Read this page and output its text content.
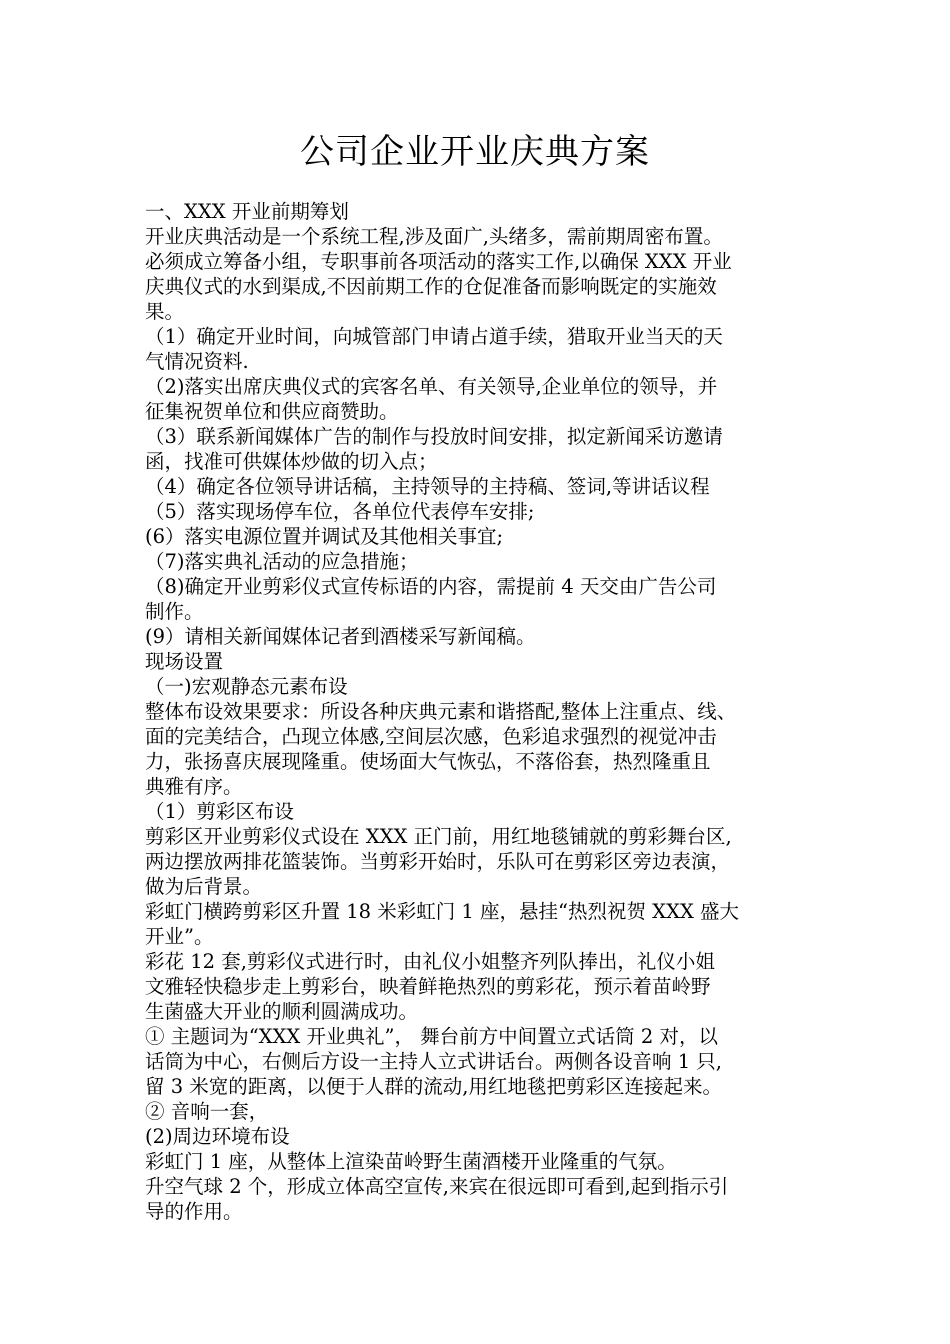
公司企业开业庆典方案

一、XXX 开业前期筹划

开业庆典活动是一个系统工程,涉及面广,头绪多，需前期周密布置。

必须成立筹备小组，专职事前各项活动的落实工作,以确保 XXX 开业

庆典仪式的水到渠成,不因前期工作的仓促准备而影响既定的实施效

果。

（1）确定开业时间，向城管部门申请占道手续，猎取开业当天的天

气情况资料.

（2)落实出席庆典仪式的宾客名单、有关领导,企业单位的领导，并

征集祝贺单位和供应商赞助。

（3）联系新闻媒体广告的制作与投放时间安排，拟定新闻采访邀请

函，找准可供媒体炒做的切入点；

（4）确定各位领导讲话稿，主持领导的主持稿、签词,等讲话议程

（5）落实现场停车位，各单位代表停车安排;

(6）落实电源位置并调试及其他相关事宜;

（7)落实典礼活动的应急措施；

（8)确定开业剪彩仪式宣传标语的内容，需提前 4 天交由广告公司

制作。

(9）请相关新闻媒体记者到酒楼采写新闻稿。

现场设置

（一)宏观静态元素布设

整体布设效果要求：所设各种庆典元素和谐搭配,整体上注重点、线、

面的完美结合，凸现立体感,空间层次感，色彩追求强烈的视觉冲击

力，张扬喜庆展现隆重。使场面大气恢弘，不落俗套，热烈隆重且

典雅有序。

（1）剪彩区布设

剪彩区开业剪彩仪式设在 XXX 正门前，用红地毯铺就的剪彩舞台区,

两边摆放两排花篮装饰。当剪彩开始时，乐队可在剪彩区旁边表演，

做为后背景。

彩虹门横跨剪彩区升置 18 米彩虹门 1 座，悬挂“热烈祝贺 XXX 盛大

开业”。

彩花 12 套,剪彩仪式进行时，由礼仪小姐整齐列队捧出，礼仪小姐

文雅轻快稳步走上剪彩台，映着鲜艳热烈的剪彩花，预示着苗岭野

生菌盛大开业的顺利圆满成功。

① 主题词为“XXX 开业典礼”， 舞台前方中间置立式话筒 2 对，以

话筒为中心，右侧后方设一主持人立式讲话台。两侧各设音响 1 只,

留 3 米宽的距离，以便于人群的流动,用红地毯把剪彩区连接起来。

② 音响一套，

(2)周边环境布设

彩虹门 1 座，从整体上渲染苗岭野生菌酒楼开业隆重的气氛。

升空气球 2 个，形成立体高空宣传,来宾在很远即可看到,起到指示引

导的作用。
